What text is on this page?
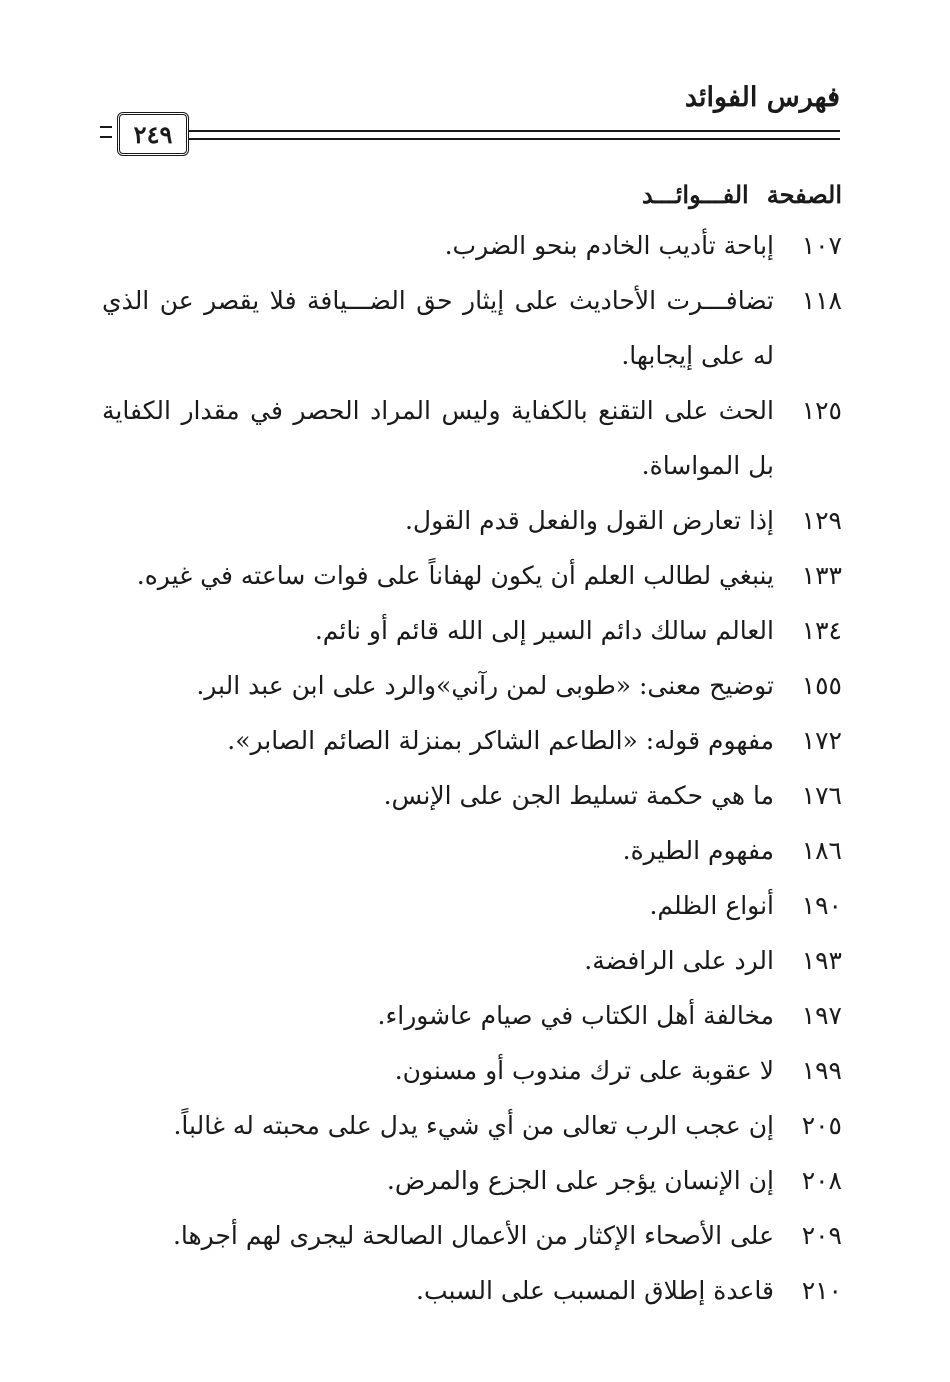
فهرس الفوائد
٢٤٩
الصفحة
الفـــوائـــد
١٠٧
إباحة تأديب الخادم بنحو الضرب.
١١٨
تضافـــرت الأحاديث على إيثار حق الضـــيافة فلا يقصر عن الذي له على إيجابها.
١٢٥
الحث على التقنع بالكفاية وليس المراد الحصر في مقدار الكفاية بل المواساة.
١٢٩
إذا تعارض القول والفعل قدم القول.
١٣٣
ينبغي لطالب العلم أن يكون لهفاناً على فوات ساعته في غيره.
١٣٤
العالم سالك دائم السير إلى الله قائم أو نائم.
١٥٥
توضيح معنى: «طوبى لمن رآني»والرد على ابن عبد البر.
١٧٢
مفهوم قوله: «الطاعم الشاكر بمنزلة الصائم الصابر».
١٧٦
ما هي حكمة تسليط الجن على الإنس.
١٨٦
مفهوم الطيرة.
١٩٠
أنواع الظلم.
١٩٣
الرد على الرافضة.
١٩٧
مخالفة أهل الكتاب في صيام عاشوراء.
١٩٩
لا عقوبة على ترك مندوب أو مسنون.
٢٠٥
إن عجب الرب تعالى من أي شيء يدل على محبته له غالباً.
٢٠٨
إن الإنسان يؤجر على الجزع والمرض.
٢٠٩
على الأصحاء الإكثار من الأعمال الصالحة ليجرى لهم أجرها.
٢١٠
قاعدة إطلاق المسبب على السبب.
